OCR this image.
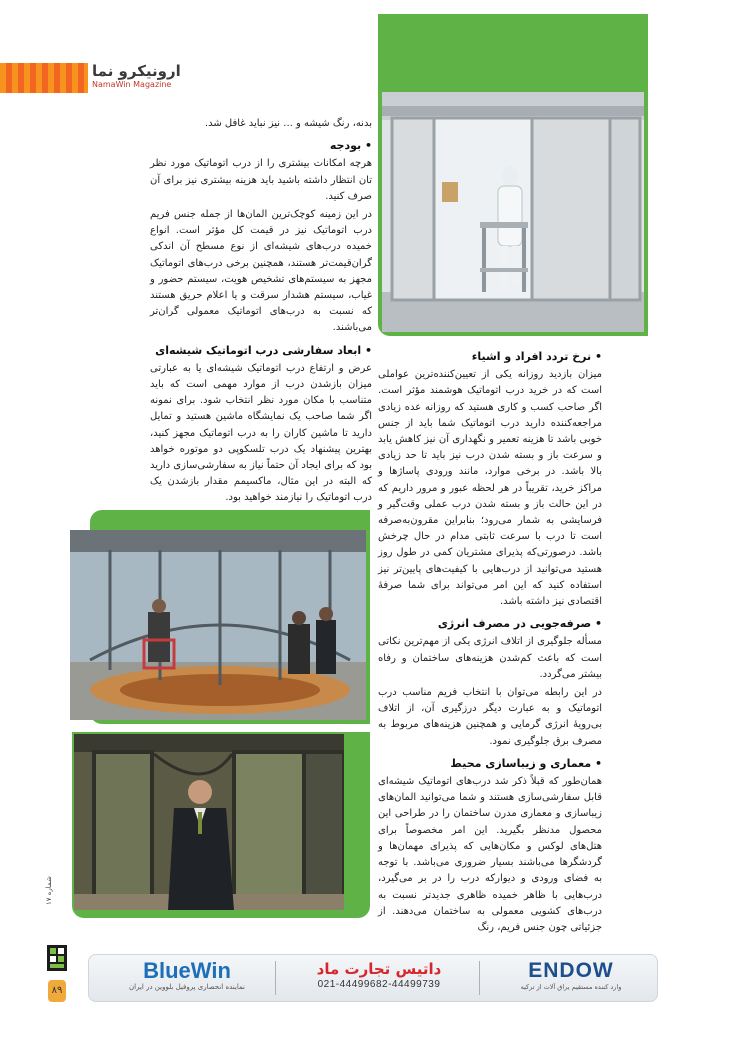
ارونیکرو نما
NamaWin Magazine

بدنه، رنگ شیشه و ... نیز نباید غافل شد.

• بودجه

هرچه امکانات بیشتری را از درب اتوماتیک مورد نظر تان انتظار داشته باشید باید هزینه بیشتری نیز برای آن صرف کنید.

در این زمینه کوچک‌ترین المان‌ها از جمله جنس فریم درب اتوماتیک نیز در قیمت کل مؤثر است. انواع خمیده درب‌های شیشه‌ای از نوع مسطح آن اندکی گران‌قیمت‌تر هستند، همچنین برخی درب‌های اتوماتیک مجهز به سیستم‌های تشخیص هویت، سیستم حضور و غیاب، سیستم هشدار سرقت و یا اعلام حریق هستند که نسبت به درب‌های اتوماتیک معمولی گران‌تر می‌باشند.

• ابعاد سفارشی درب اتوماتیک شیشه‌ای

عرض و ارتفاع درب اتوماتیک شیشه‌ای یا به عبارتی میزان بازشدن درب از موارد مهمی است که باید متناسب با مکان مورد نظر انتخاب شود. برای نمونه اگر شما صاحب یک نمایشگاه ماشین هستید و تمایل دارید تا ماشین کاران را به درب اتوماتیک مجهز کنید، بهترین پیشنهاد یک درب تلسکوپی دو موتوره خواهد بود که برای ایجاد آن حتماً نیاز به سفارشی‌سازی دارید که البته در این مثال، ماکسیمم مقدار بازشدن یک درب اتوماتیک را نیازمند خواهید بود.

• نرخ تردد افراد و اشیاء

میزان بازدید روزانه یکی از تعیین‌کننده‌ترین عواملی است که در خرید درب اتوماتیک هوشمند مؤثر است. اگر صاحب کسب و کاری هستید که روزانه عده زیادی مراجعه‌کننده دارید درب اتوماتیک شما باید از جنس خوبی باشد تا هزینه تعمیر و نگهداری آن نیز کاهش یابد و سرعت باز و بسته شدن درب نیز باید تا حد زیادی بالا باشد. در برخی موارد، مانند ورودی پاساژها و مراکز خرید، تقریباً در هر لحظه عبور و مرور داریم که در این حالت باز و بسته شدن درب عملی وقت‌گیر و فرسایشی به شمار می‌رود؛ بنابراین مقرون‌به‌صرفه است تا درب با سرعت ثابتی مدام در حال چرخش باشد. درصورتی‌که پذیرای مشتریان کمی در طول روز هستید می‌توانید از درب‌هایی با کیفیت‌های پایین‌تر نیز استفاده کنید که این امر می‌تواند برای شما صرفهٔ اقتصادی نیز داشته باشد.

• صرفه‌جویی در مصرف انرژی

مسأله جلوگیری از اتلاف انرژی یکی از مهم‌ترین نکاتی است که باعث کم‌شدن هزینه‌های ساختمان و رفاه بیشتر می‌گردد.

در این رابطه می‌توان با انتخاب فریم مناسب درب اتوماتیک و به عبارت دیگر درزگیری آن، از اتلاف بی‌رویهٔ انرژی گرمایی و همچنین هزینه‌های مربوط به مصرف برق جلوگیری نمود.

• معماری و زیباسازی محیط

همان‌طور که قبلاً ذکر شد درب‌های اتوماتیک شیشه‌ای قابل سفارشی‌سازی هستند و شما می‌توانید المان‌های زیباسازی و معماری مدرن ساختمان را در طراحی این محصول مدنظر بگیرید. این امر مخصوصاً برای هتل‌های لوکس و مکان‌هایی که پذیرای مهمان‌ها و گردشگرها می‌باشند بسیار ضروری می‌باشد. با توجه به فضای ورودی و دیوارکه درب را در بر می‌گیرد، درب‌هایی با ظاهر خمیده ظاهری جدیدتر نسبت به درب‌های کشویی معمولی به ساختمان می‌دهند. از جزئیاتی چون جنس فریم، رنگ

شماره ۱۷
۸۹
BlueWin
نماینده انحصاری پروفیل بلووین در ایران
داتیس تجارت ماد
021-44499682-44499739
ENDOW
وارد کننده مستقیم یراق آلات از ترکیه
